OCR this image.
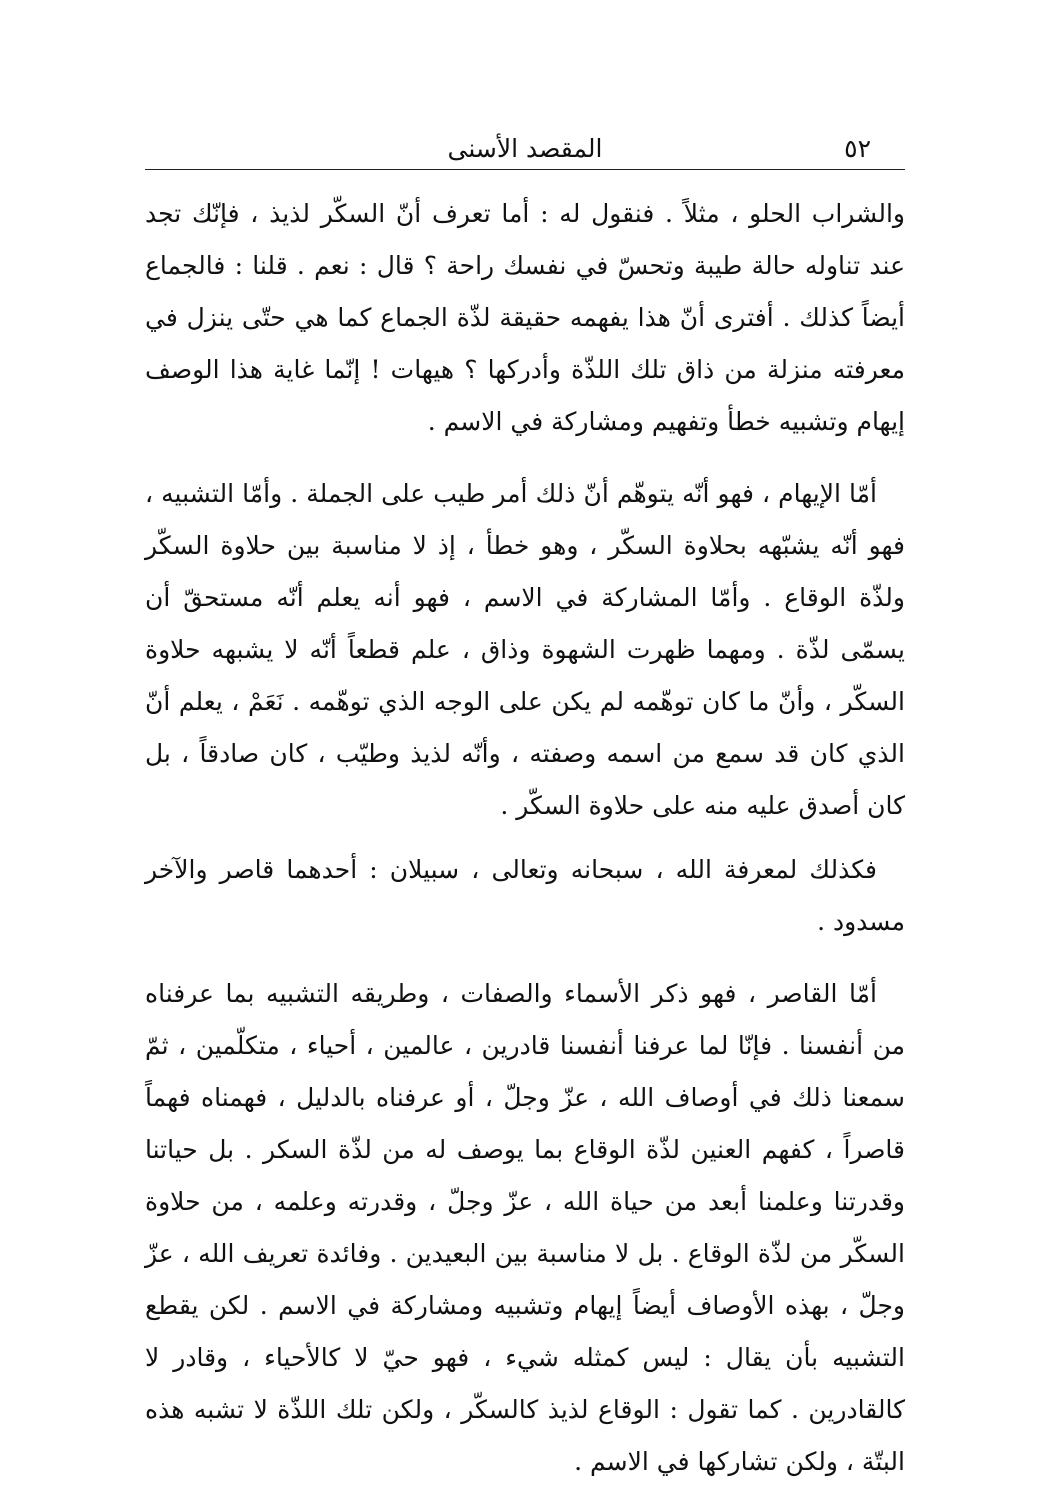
٥٢
المقصد الأسنى

والشراب الحلو ، مثلاً . فنقول له : أما تعرف أنّ السكّر لذيذ ، فإنّك تجد عند تناوله حالة طيبة وتحسّ في نفسك راحة ؟ قال : نعم . قلنا : فالجماع أيضاً كذلك . أفترى أنّ هذا يفهمه حقيقة لذّة الجماع كما هي حتّى ينزل في معرفته منزلة من ذاق تلك اللذّة وأدركها ؟ هيهات ! إنّما غاية هذا الوصف إيهام وتشبيه خطأ وتفهيم ومشاركة في الاسم .

أمّا الإيهام ، فهو أنّه يتوهّم أنّ ذلك أمر طيب على الجملة . وأمّا التشبيه ، فهو أنّه يشبّهه بحلاوة السكّر ، وهو خطأ ، إذ لا مناسبة بين حلاوة السكّر ولذّة الوقاع . وأمّا المشاركة في الاسم ، فهو أنه يعلم أنّه مستحقّ أن يسمّى لذّة . ومهما ظهرت الشهوة وذاق ، علم قطعاً أنّه لا يشبهه حلاوة السكّر ، وأنّ ما كان توهّمه لم يكن على الوجه الذي توهّمه . نَعَمْ ، يعلم أنّ الذي كان قد سمع من اسمه وصفته ، وأنّه لذيذ وطيّب ، كان صادقاً ، بل كان أصدق عليه منه على حلاوة السكّر .

فكذلك لمعرفة الله ، سبحانه وتعالى ، سبيلان : أحدهما قاصر والآخر مسدود .

أمّا القاصر ، فهو ذكر الأسماء والصفات ، وطريقه التشبيه بما عرفناه من أنفسنا . فإنّا لما عرفنا أنفسنا قادرين ، عالمين ، أحياء ، متكلّمين ، ثمّ سمعنا ذلك في أوصاف الله ، عزّ وجلّ ، أو عرفناه بالدليل ، فهمناه فهماً قاصراً ، كفهم العنين لذّة الوقاع بما يوصف له من لذّة السكر . بل حياتنا وقدرتنا وعلمنا أبعد من حياة الله ، عزّ وجلّ ، وقدرته وعلمه ، من حلاوة السكّر من لذّة الوقاع . بل لا مناسبة بين البعيدين . وفائدة تعريف الله ، عزّ وجلّ ، بهذه الأوصاف أيضاً إيهام وتشبيه ومشاركة في الاسم . لكن يقطع التشبيه بأن يقال : ليس كمثله شيء ، فهو حيّ لا كالأحياء ، وقادر لا كالقادرين . كما تقول : الوقاع لذيذ كالسكّر ، ولكن تلك اللذّة لا تشبه هذه البتّة ، ولكن تشاركها في الاسم .
